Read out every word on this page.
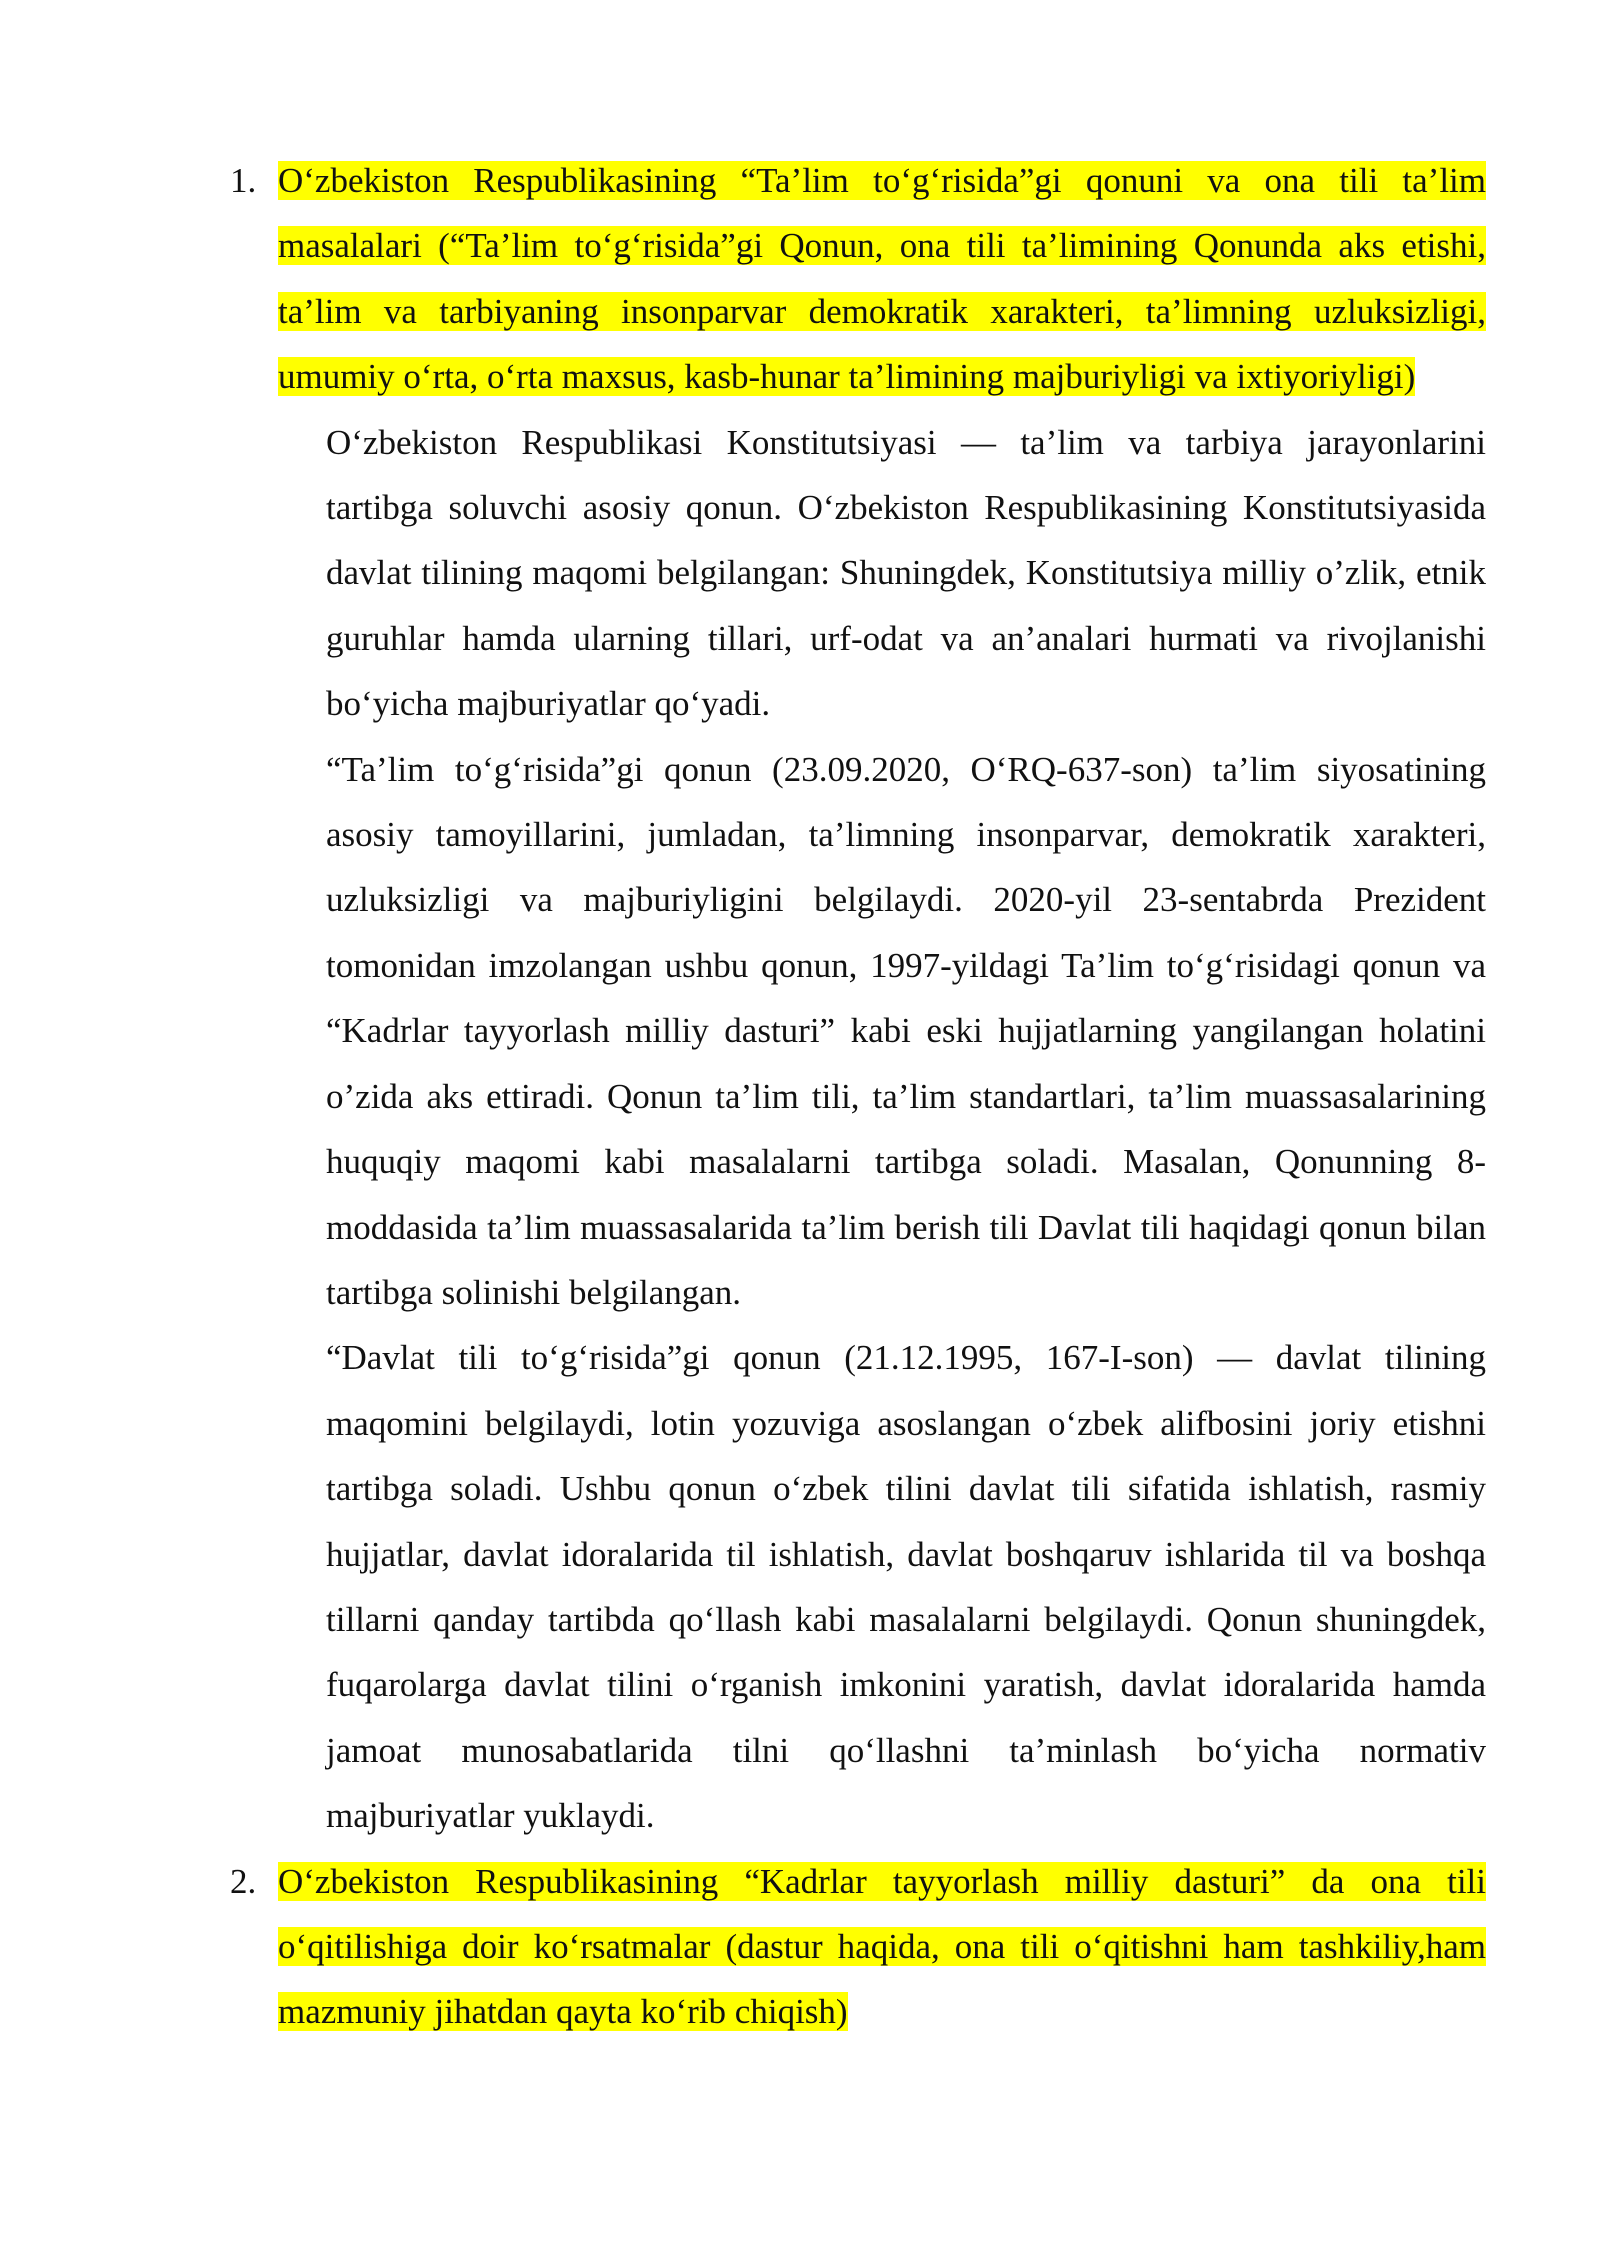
1. O‘zbekiston Respublikasining “Ta’lim to‘g‘risida”gi qonuni va ona tili ta’lim masalalari (“Ta’lim to‘g‘risida”gi Qonun, ona tili ta’limining Qonunda aks etishi, ta’lim va tarbiyaning insonparvar demokratik xarakteri, ta’limning uzluksizligi, umumiy o‘rta, o‘rta maxsus, kasb-hunar ta’limining majburiyligi va ixtiyoriyligi)
O‘zbekiston Respublikasi Konstitutsiyasi — ta’lim va tarbiya jarayonlarini tartibga soluvchi asosiy qonun. O‘zbekiston Respublikasining Konstitutsiyasida davlat tilining maqomi belgilangan: Shuningdek, Konstitutsiya milliy o’zlik, etnik guruhlar hamda ularning tillari, urf-odat va an’analari hurmati va rivojlanishi bo‘yicha majburiyatlar qo‘yadi.
“Ta’lim to‘g‘risida”gi qonun (23.09.2020, O‘RQ-637-son) ta’lim siyosatining asosiy tamoyillarini, jumladan, ta’limning insonparvar, demokratik xarakteri, uzluksizligi va majburiyligini belgilaydi. 2020-yil 23-sentabrda Prezident tomonidan imzolangan ushbu qonun, 1997-yildagi Ta’lim to‘g‘risidagi qonun va “Kadrlar tayyorlash milliy dasturi” kabi eski hujjatlarning yangilangan holatini o’zida aks ettiradi. Qonun ta’lim tili, ta’lim standartlari, ta’lim muassasalarining huquqiy maqomi kabi masalalarni tartibga soladi. Masalan, Qonunning 8-moddasida ta’lim muassasalarida ta’lim berish tili Davlat tili haqidagi qonun bilan tartibga solinishi belgilangan.
“Davlat tili to‘g‘risida”gi qonun (21.12.1995, 167-I-son) — davlat tilining maqomini belgilaydi, lotin yozuviga asoslangan o‘zbek alifbosini joriy etishni tartibga soladi. Ushbu qonun o‘zbek tilini davlat tili sifatida ishlatish, rasmiy hujjatlar, davlat idoralarida til ishlatish, davlat boshqaruv ishlarida til va boshqa tillarni qanday tartibda qo‘llash kabi masalalarni belgilaydi. Qonun shuningdek, fuqarolarga davlat tilini o‘rganish imkonini yaratish, davlat idoralarida hamda jamoat munosabatlarida tilni qo‘llashni ta’minlash bo‘yicha normativ majburiyatlar yuklaydi.
2. O‘zbekiston Respublikasining “Kadrlar tayyorlash milliy dasturi” da ona tili o‘qitilishiga doir ko‘rsatmalar (dastur haqida, ona tili o‘qitishni ham tashkiliy,ham mazmuniy jihatdan qayta ko‘rib chiqish)
